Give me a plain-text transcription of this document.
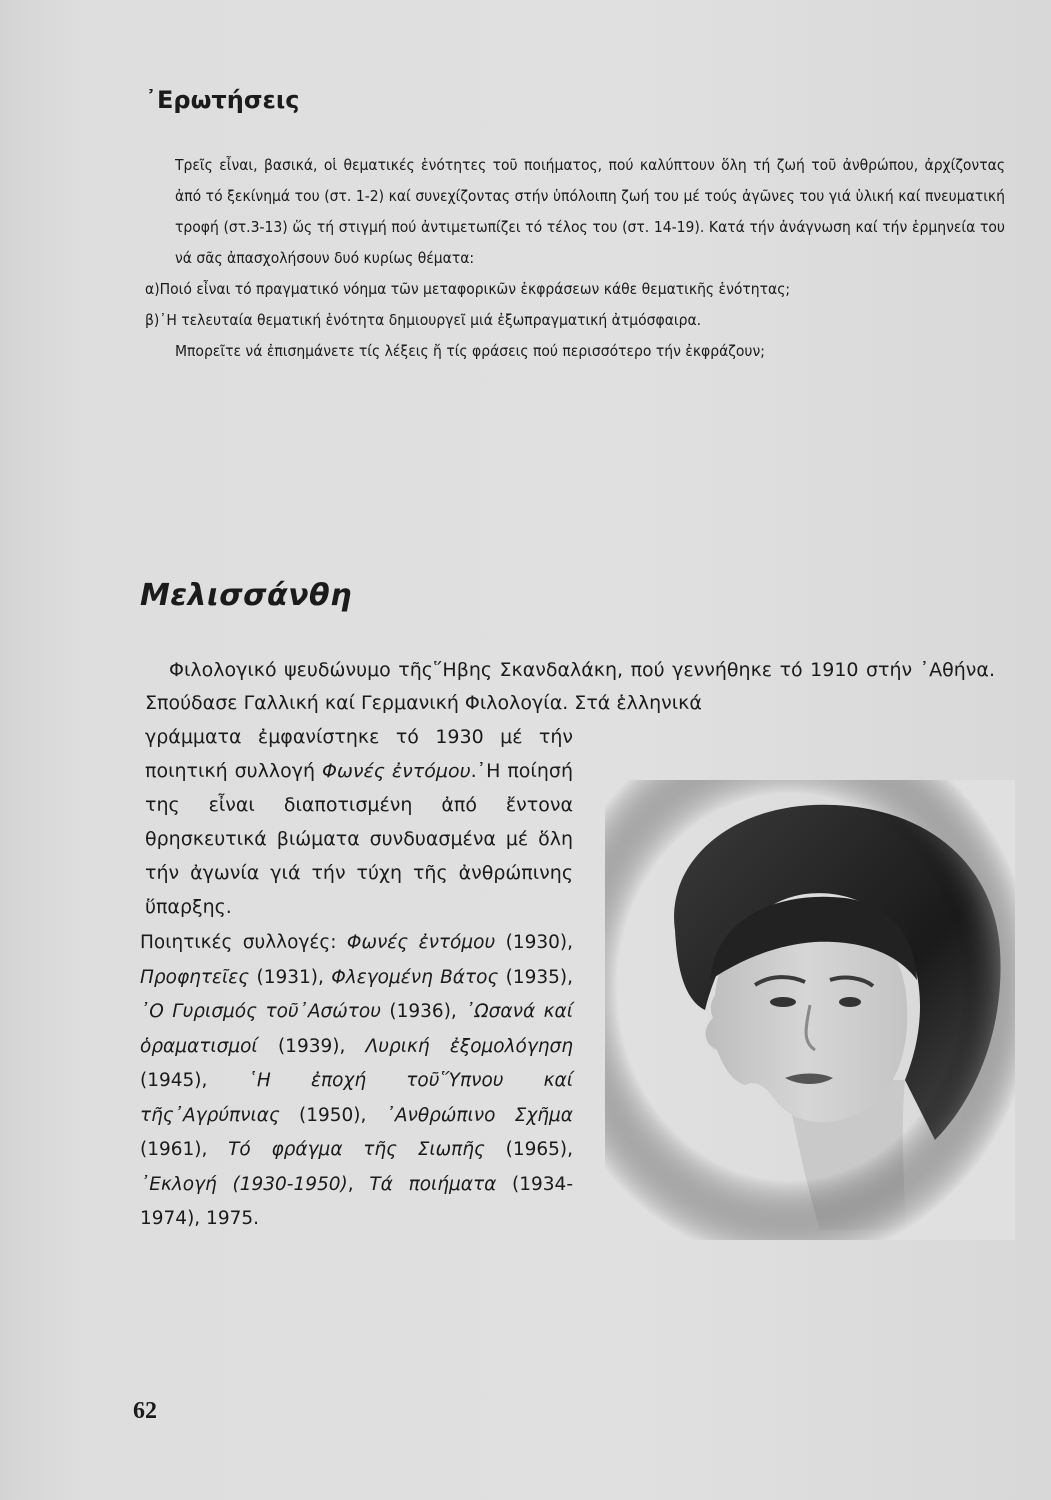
᾿Ερωτήσεις

Τρεῖς εἶναι, βασικά, οἱ θεματικές ἑνότητες τοῦ ποιήματος, πού καλύπτουν ὅλη τή ζωή τοῦ ἀνθρώπου, ἀρχίζοντας ἀπό τό ξεκίνημά του (στ. 1-2) καί συνεχίζοντας στήν ὑπόλοιπη ζωή του μέ τούς ἀγῶνες του γιά ὑλική καί πνευματική τροφή (στ.3-13) ὥς τή στιγμή πού ἀντιμετωπίζει τό τέλος του (στ. 14-19). Κατά τήν ἀνάγνωση καί τήν ἑρμηνεία του νά σᾶς ἀπασχολήσουν δυό κυρίως θέματα:

α)Ποιό εἶναι τό πραγματικό νόημα τῶν μεταφορικῶν ἐκφράσεων κάθε θεματικῆς ἑνότητας;

β)᾿Η τελευταία θεματική ἑνότητα δημιουργεῖ μιά ἐξωπραγματική ἀτμόσφαιρα.
Μπορεῖτε νά ἐπισημάνετε τίς λέξεις ἤ τίς φράσεις πού περισσότερο τήν ἐκφράζουν;

Μελισσάνθη

Φιλολογικό ψευδώνυμο τῆς῞Ηβης Σκανδαλάκη, πού γεννήθηκε τό 1910 στήν ᾿Αθήνα. Σπούδασε Γαλλική καί Γερμανική Φιλολογία. Στά ἑλληνικά

γράμματα ἐμφανίστηκε τό 1930 μέ τήν ποιητική συλλογή Φωνές ἐντόμου.᾿Η ποίησή της εἶναι διαποτισμένη ἀπό ἔντονα θρησκευτικά βιώματα συνδυασμένα μέ ὅλη τήν ἀγωνία γιά τήν τύχη τῆς ἀνθρώπινης ὕπαρξης.

Ποιητικές συλλογές: Φωνές ἐντόμου (1930), Προφητεῖες (1931), Φλεγομένη Βάτος (1935), ᾿Ο Γυρισμός τοῦ᾿Ασώτου (1936), ᾿Ωσανά καί ὁραματισμοί (1939), Λυρική ἐξομολόγηση (1945), ῾Η ἐποχή τοῦ῞Υπνου καί τῆς᾿Αγρύπνιας (1950), ᾿Ανθρώπινο Σχῆμα (1961), Τό φράγμα τῆς Σιωπῆς (1965), ᾿Εκλογή (1930-1950), Τά ποιήματα (1934-1974), 1975.

62
